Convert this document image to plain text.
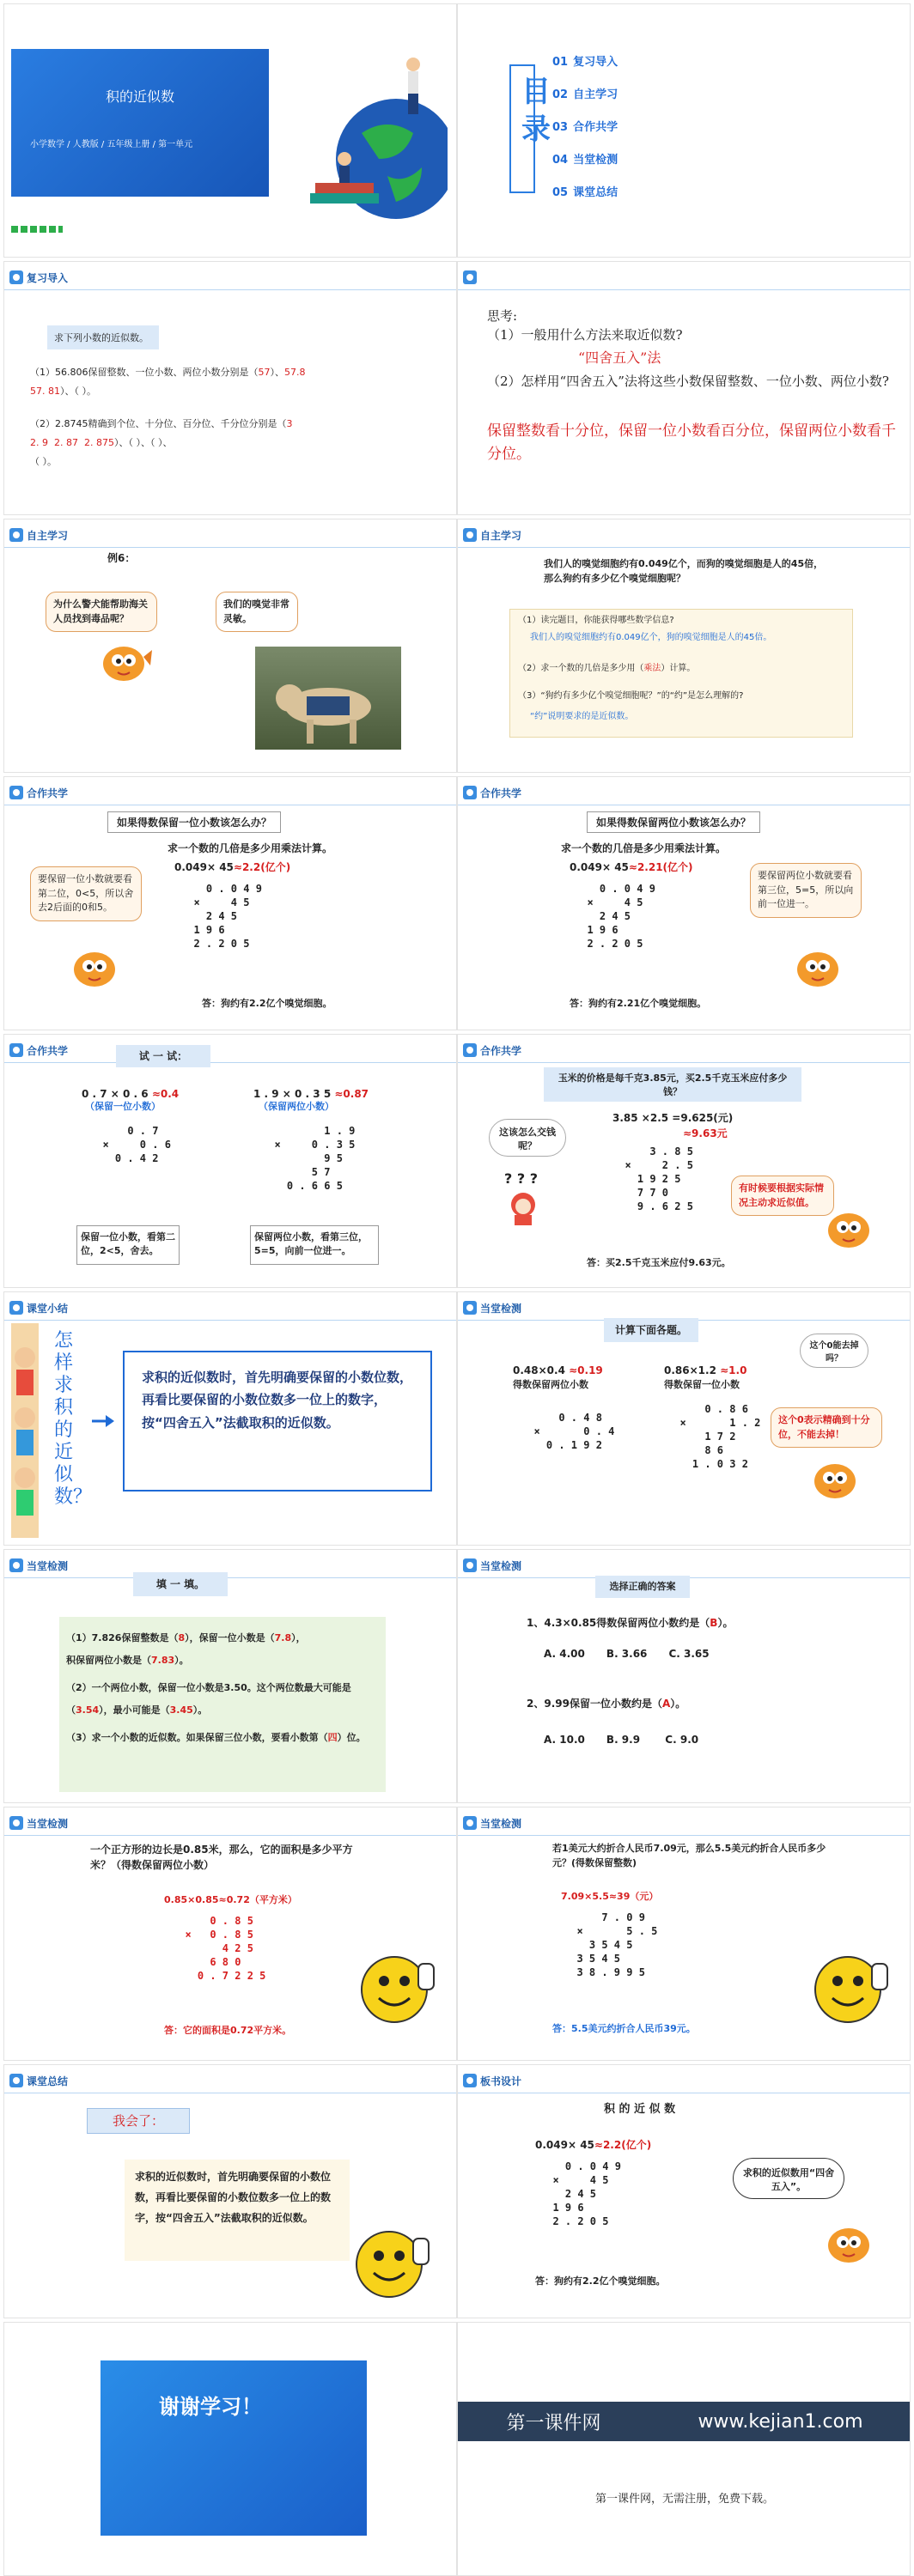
积的近似数
小学数学 / 人教版 / 五年级上册 / 第一单元
目
录
01 复习导入
02 自主学习
03 合作共学
04 当堂检测
05 课堂总结
复习导入
求下列小数的近似数。
（1）56.806保留整数、一位小数、两位小数分别是（57）、57.8
57. 81）、（ ）。
（2）2.8745精确到个位、十分位、百分位、千分位分别是（3
2. 9 2. 87 2. 875）、（ ）、（ ）、
（ ）。
思考:
（1）一般用什么方法来取近似数?
“四舍五入”法
（2）怎样用“四舍五入”法将这些小数保留整数、一位小数、两位小数?
保留整数看十分位，保留一位小数看百分位，保留两位小数看千分位。
自主学习
例6：
为什么警犬能帮助海关人员找到毒品呢？
我们的嗅觉非常灵敏。
自主学习
我们人的嗅觉细胞约有0.049亿个，而狗的嗅觉细胞是人的45倍，那么狗约有多少亿个嗅觉细胞呢？
（1）读完题目，你能获得哪些数学信息?
我们人的嗅觉细胞约有0.049亿个，狗的嗅觉细胞是人的45倍。
（2）求一个数的几倍是多少用（乘法）计算。
（3）“狗约有多少亿个嗅觉细胞呢？”的“约”是怎么理解的?
“约”说明要求的是近似数。
合作共学
如果得数保留一位小数该怎么办？
求一个数的几倍是多少用乘法计算。
0.049× 45≈2.2(亿个)
0 . 0 4 9
×     4 5
2 4 5
1 9 6
2 . 2 0 5
要保留一位小数就要看第二位，0<5，所以舍去2后面的0和5。
答：狗约有2.2亿个嗅觉细胞。
合作共学
如果得数保留两位小数该怎么办？
求一个数的几倍是多少用乘法计算。
0.049× 45≈2.21(亿个)
0 . 0 4 9
×     4 5
2 4 5
1 9 6
2 . 2 0 5
要保留两位小数就要看第三位，5=5，所以向前一位进一。
答：狗约有2.21亿个嗅觉细胞。
合作共学	试 一 试：
0 . 7 × 0 . 6 ≈0.4
（保留一位小数）
0 . 7
×     0 . 6
0 . 4 2
保留一位小数，看第二位，2<5，舍去。
1 . 9 × 0 . 3 5 ≈0.87
（保留两位小数）
1 . 9
×     0 . 3 5
9 5
5 7
0 . 6 6 5
保留两位小数，看第三位，5=5，向前一位进一。
合作共学
玉米的价格是每千克3.85元，买2.5千克玉米应付多少钱？
3.85 ×2.5 =9.625(元)
≈9.63元
3 . 8 5
×     2 . 5
1 9 2 5
7 7 0
9 . 6 2 5
这该怎么交钱呢？
? ? ?
有时候要根据实际情况主动求近似值。
答：买2.5千克玉米应付9.63元。
课堂小结
怎样求积的近似数？
求积的近似数时，首先明确要保留的小数位数，再看比要保留的小数位数多一位上的数字，按“四舍五入”法截取积的近似数。
当堂检测
计算下面各题。
0.48×0.4 ≈0.19
得数保留两位小数
0 . 4 8
×       0 . 4
0 . 1 9 2
0.86×1.2 ≈1.0
得数保留一位小数
0 . 8 6
×       1 . 2
1 7 2
8 6
1 . 0 3 2
这个0能去掉吗？
这个0表示精确到十分位，不能去掉！
当堂检测
填 一 填。
（1）7.826保留整数是（8），保留一位小数是（7.8），
积保留两位小数是（7.83）。
（2）一个两位小数，保留一位小数是3.50。这个两位数最大可能是（3.54），最小可能是（3.45）。
（3）求一个小数的近似数。如果保留三位小数，要看小数第（四）位。
当堂检测
选择正确的答案
1、4.3×0.85得数保留两位小数约是（B）。
A. 4.00      B. 3.66      C. 3.65
2、9.99保留一位小数约是（A）。
A. 10.0      B. 9.9       C. 9.0
当堂检测
一个正方形的边长是0.85米，那么，它的面积是多少平方米？（得数保留两位小数）
0.85×0.85≈0.72（平方米）
0 . 8 5
×   0 . 8 5
4 2 5
6 8 0
0 . 7 2 2 5
答：它的面积是0.72平方米。
当堂检测
若1美元大约折合人民币7.09元，那么5.5美元约折合人民币多少元？(得数保留整数)
7.09×5.5≈39（元）
7 . 0 9
×       5 . 5
3 5 4 5
3 5 4 5
3 8 . 9 9 5
答：5.5美元约折合人民币39元。
课堂总结
我会了：
求积的近似数时，首先明确要保留的小数位数，再看比要保留的小数位数多一位上的数字，按“四舍五入”法截取积的近似数。
板书设计
积 的 近 似 数
0.049× 45≈2.2(亿个)
0 . 0 4 9
×     4 5
2 4 5
1 9 6
2 . 2 0 5
求积的近似数用“四舍五入”。
答：狗约有2.2亿个嗅觉细胞。
谢谢学习！
第一课件网	www.kejian1.com
第一课件网，无需注册，免费下载。
